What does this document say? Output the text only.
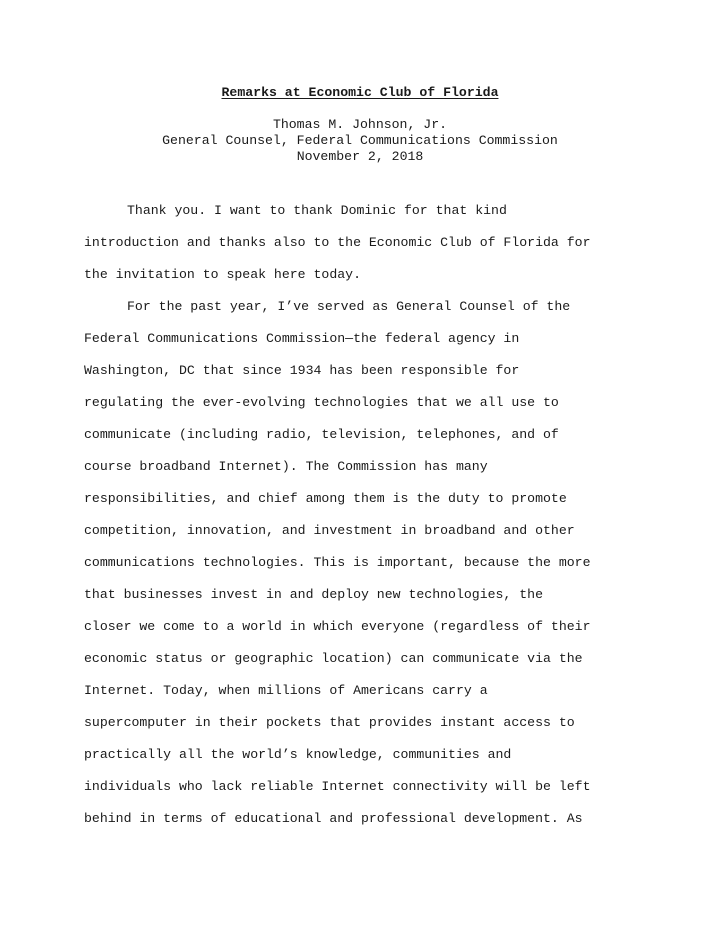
Remarks at Economic Club of Florida
Thomas M. Johnson, Jr.
General Counsel, Federal Communications Commission
November 2, 2018

Thank you. I want to thank Dominic for that kind
introduction and thanks also to the Economic Club of Florida for
the invitation to speak here today.

For the past year, I’ve served as General Counsel of the
Federal Communications Commission—the federal agency in
Washington, DC that since 1934 has been responsible for
regulating the ever-evolving technologies that we all use to
communicate (including radio, television, telephones, and of
course broadband Internet). The Commission has many
responsibilities, and chief among them is the duty to promote
competition, innovation, and investment in broadband and other
communications technologies. This is important, because the more
that businesses invest in and deploy new technologies, the
closer we come to a world in which everyone (regardless of their
economic status or geographic location) can communicate via the
Internet. Today, when millions of Americans carry a
supercomputer in their pockets that provides instant access to
practically all the world’s knowledge, communities and
individuals who lack reliable Internet connectivity will be left
behind in terms of educational and professional development. As
